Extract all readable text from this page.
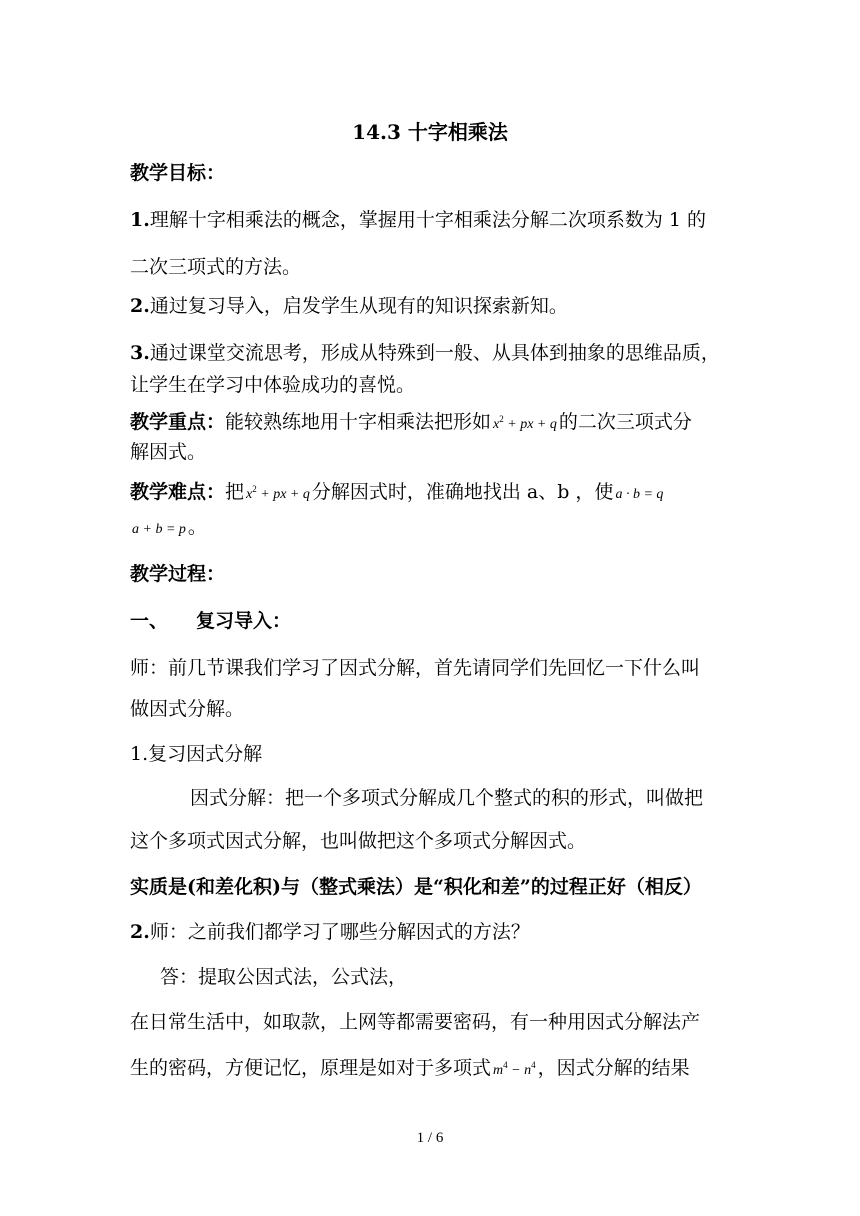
14.3 十字相乘法
教学目标：
1.理解十字相乘法的概念，掌握用十字相乘法分解二次项系数为 1 的
二次三项式的方法。
2.通过复习导入，启发学生从现有的知识探索新知。
3.通过课堂交流思考，形成从特殊到一般、从具体到抽象的思维品质，
让学生在学习中体验成功的喜悦。
教学重点：能较熟练地用十字相乘法把形如 $x^2$ + px + q 的二次三项式分
解因式。
教学难点：把 $x^2$ + px + q 分解因式时，准确地找出 a、b ，使 a · b = q
a + b = p 。
教学过程：
一、 复习导入：
师：前几节课我们学习了因式分解，首先请同学们先回忆一下什么叫
做因式分解。
1.复习因式分解
因式分解：把一个多项式分解成几个整式的积的形式，叫做把
这个多项式因式分解，也叫做把这个多项式分解因式。
实质是(和差化积)与（整式乘法）是“积化和差”的过程正好（相反）
2.师：之前我们都学习了哪些分解因式的方法？
答：提取公因式法，公式法，
在日常生活中，如取款，上网等都需要密码，有一种用因式分解法产
生的密码，方便记忆，原理是如对于多项式 $m^4 - n^4$ ，因式分解的结果
1 / 6
